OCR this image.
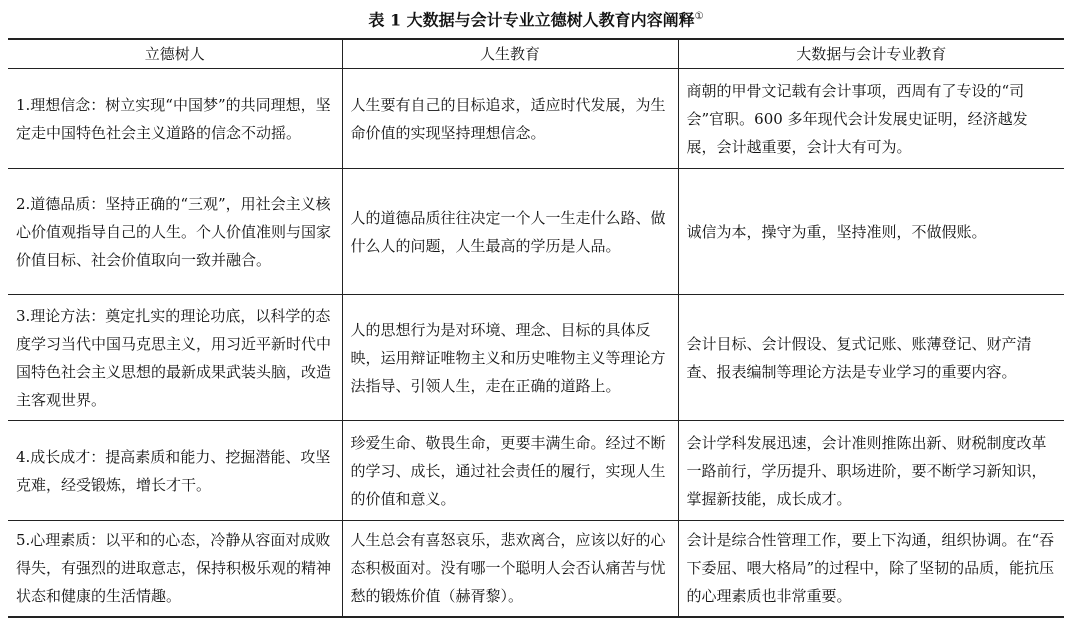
表 1 大数据与会计专业立德树人教育内容阐释①
立德树人	人生教育	大数据与会计专业教育
1.理想信念：树立实现“中国梦”的共同理想，坚定走中国特色社会主义道路的信念不动摇。	人生要有自己的目标追求，适应时代发展，为生命价值的实现坚持理想信念。	商朝的甲骨文记载有会计事项，西周有了专设的“司会”官职。600 多年现代会计发展史证明，经济越发展，会计越重要，会计大有可为。
2.道德品质：坚持正确的“三观”，用社会主义核心价值观指导自己的人生。个人价值准则与国家价值目标、社会价值取向一致并融合。	人的道德品质往往决定一个人一生走什么路、做什么人的问题，人生最高的学历是人品。	诚信为本，操守为重，坚持准则，不做假账。
3.理论方法：奠定扎实的理论功底，以科学的态度学习当代中国马克思主义，用习近平新时代中国特色社会主义思想的最新成果武装头脑，改造主客观世界。	人的思想行为是对环境、理念、目标的具体反映，运用辩证唯物主义和历史唯物主义等理论方法指导、引领人生，走在正确的道路上。	会计目标、会计假设、复式记账、账薄登记、财产清查、报表编制等理论方法是专业学习的重要内容。
4.成长成才：提高素质和能力、挖掘潜能、攻坚克难，经受锻炼，增长才干。	珍爱生命、敬畏生命，更要丰满生命。经过不断的学习、成长，通过社会责任的履行，实现人生的价值和意义。	会计学科发展迅速，会计准则推陈出新、财税制度改革一路前行，学历提升、职场进阶，要不断学习新知识，掌握新技能，成长成才。
5.心理素质：以平和的心态，冷静从容面对成败得失，有强烈的进取意志，保持积极乐观的精神状态和健康的生活情趣。	人生总会有喜怒哀乐，悲欢离合，应该以好的心态积极面对。没有哪一个聪明人会否认痛苦与忧愁的锻炼价值（赫胥黎）。	会计是综合性管理工作，要上下沟通，组织协调。在“吞下委屈、喂大格局”的过程中，除了坚韧的品质，能抗压的心理素质也非常重要。
